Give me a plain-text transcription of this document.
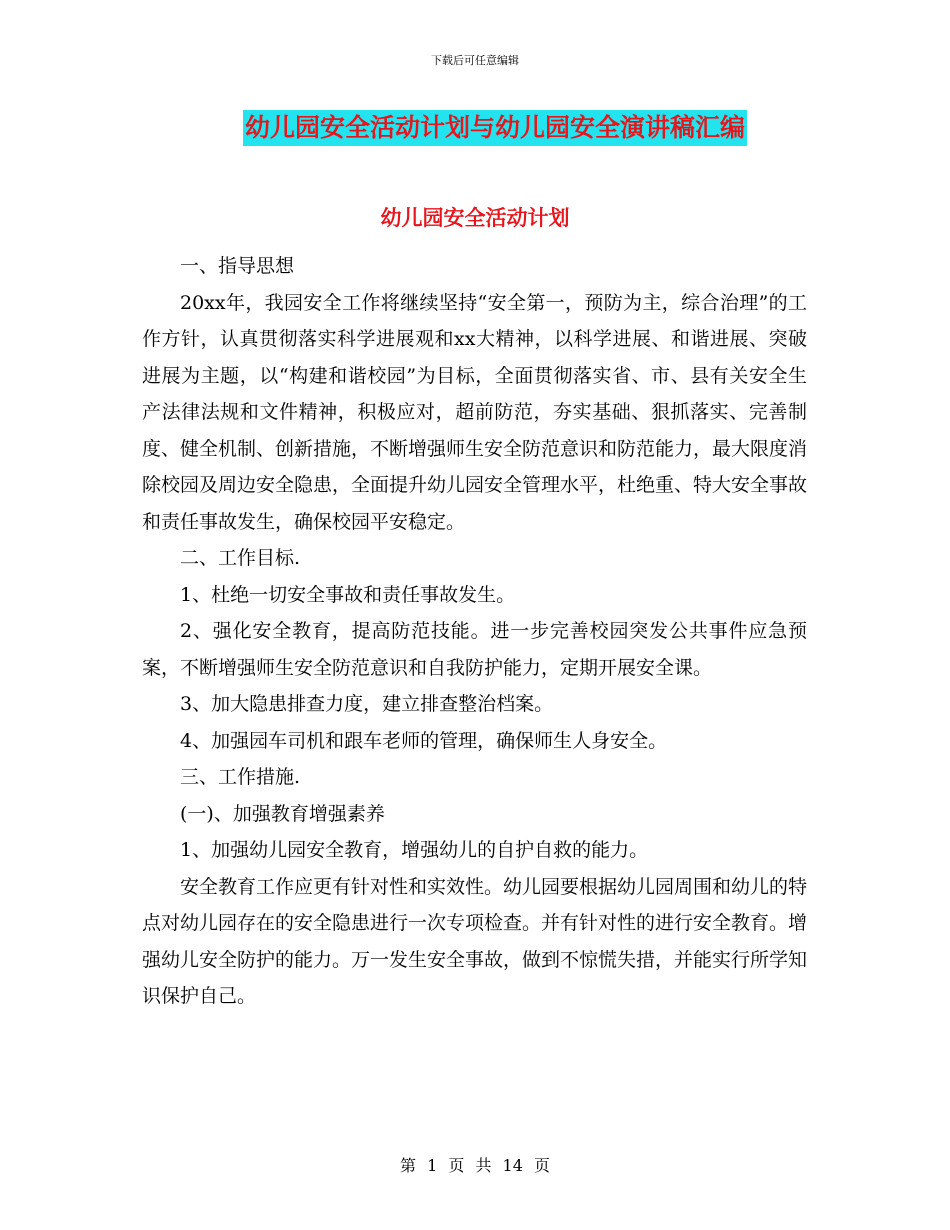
下载后可任意编辑
幼儿园安全活动计划与幼儿园安全演讲稿汇编
幼儿园安全活动计划

一、指导思想

20xx年，我园安全工作将继续坚持“安全第一，预防为主，综合治理”的工作方针，认真贯彻落实科学进展观和xx大精神，以科学进展、和谐进展、突破进展为主题，以“构建和谐校园”为目标，全面贯彻落实省、市、县有关安全生产法律法规和文件精神，积极应对，超前防范，夯实基础、狠抓落实、完善制度、健全机制、创新措施，不断增强师生安全防范意识和防范能力，最大限度消除校园及周边安全隐患，全面提升幼儿园安全管理水平，杜绝重、特大安全事故和责任事故发生，确保校园平安稳定。

二、工作目标.

1、杜绝一切安全事故和责任事故发生。

2、强化安全教育，提高防范技能。进一步完善校园突发公共事件应急预案，不断增强师生安全防范意识和自我防护能力，定期开展安全课。

3、加大隐患排查力度，建立排查整治档案。

4、加强园车司机和跟车老师的管理，确保师生人身安全。

三、工作措施.

(一)、加强教育增强素养

1、加强幼儿园安全教育，增强幼儿的自护自救的能力。

安全教育工作应更有针对性和实效性。幼儿园要根据幼儿园周围和幼儿的特点对幼儿园存在的安全隐患进行一次专项检查。并有针对性的进行安全教育。增强幼儿安全防护的能力。万一发生安全事故，做到不惊慌失措，并能实行所学知识保护自己。

第 1 页 共 14 页
